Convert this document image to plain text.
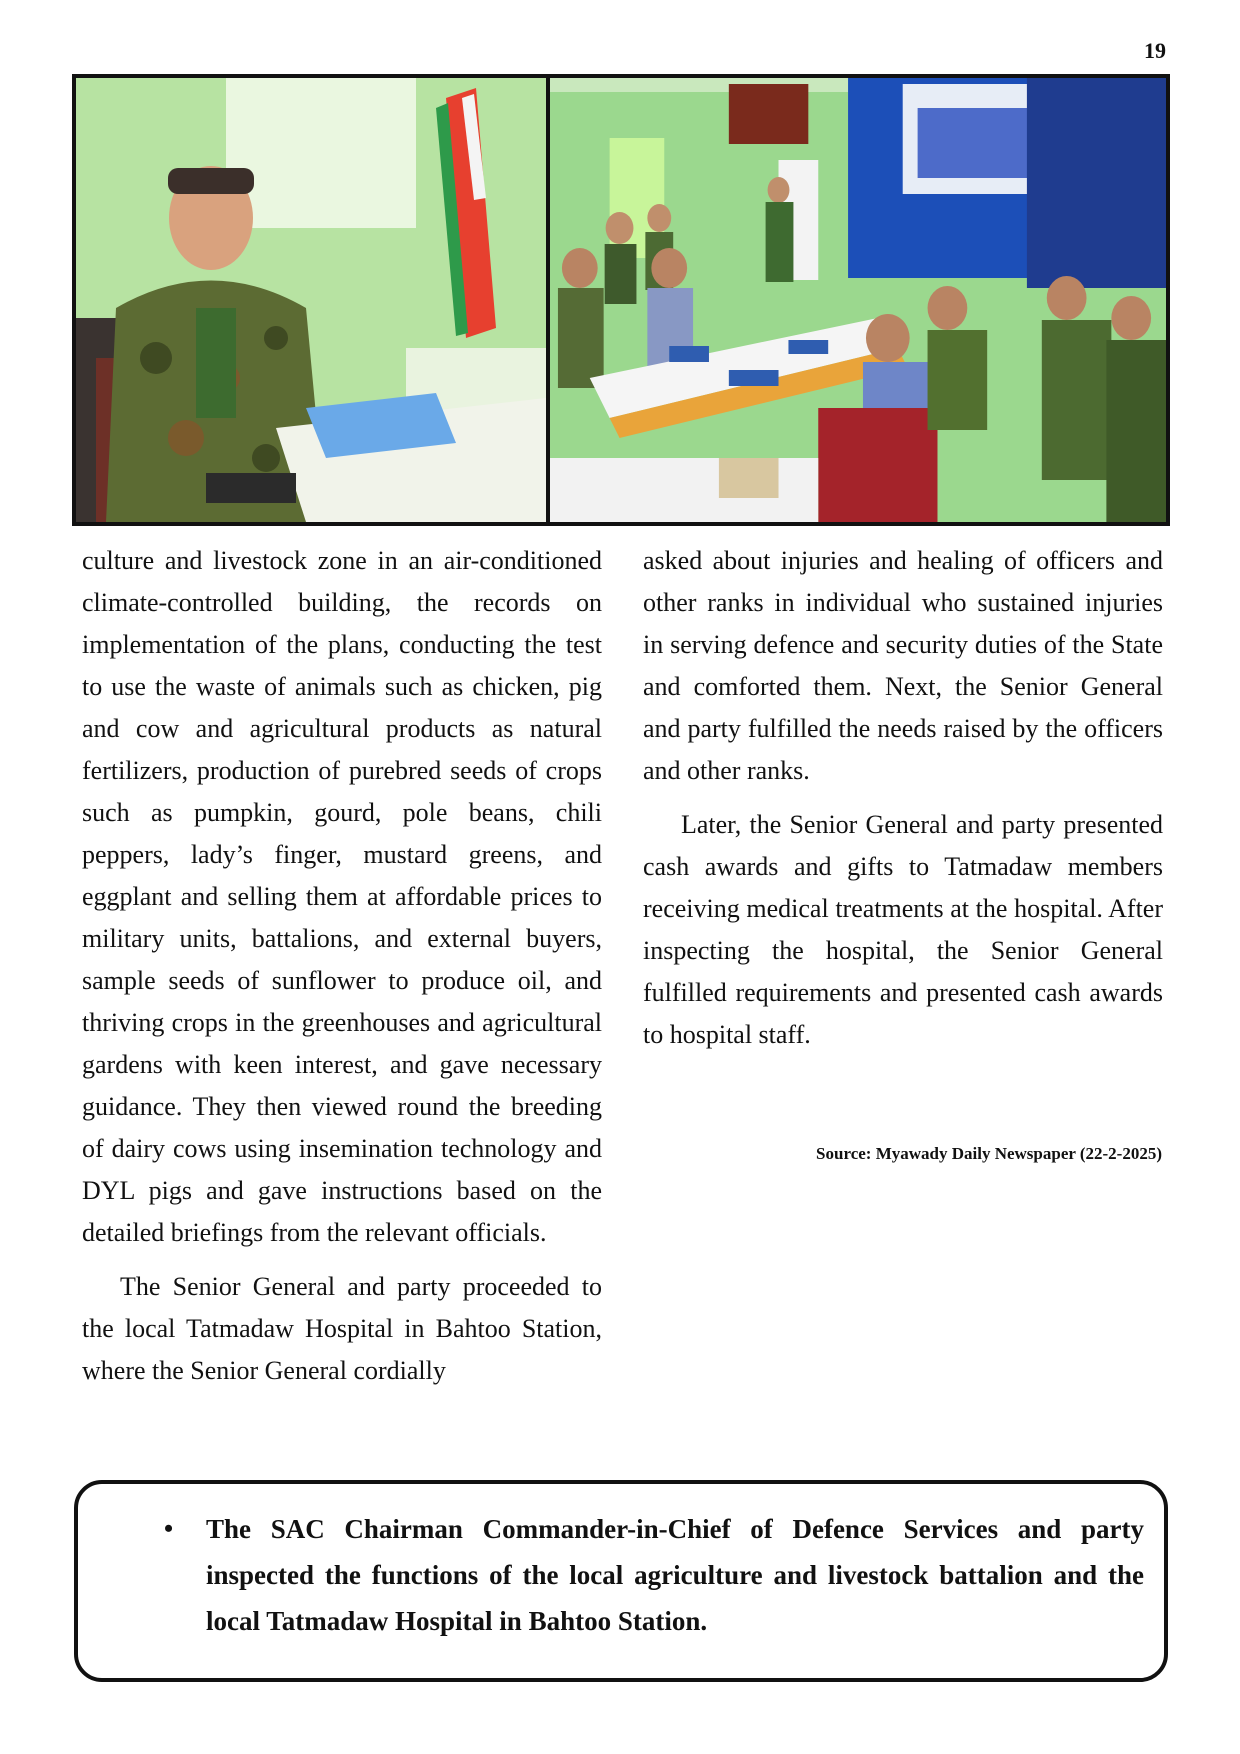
19

culture and livestock zone in an air-conditioned climate-controlled building, the records on implementation of the plans, conducting the test to use the waste of animals such as chicken, pig and cow and agricultural products as natural fertilizers, production of purebred seeds of crops such as pumpkin, gourd, pole beans, chili peppers, lady’s finger, mustard greens, and eggplant and selling them at affordable prices to military units, battalions, and external buyers, sample seeds of sunflower to produce oil, and thriving crops in the greenhouses and agricultural gardens with keen interest, and gave necessary guidance. They then viewed round the breeding of dairy cows using insemination technology and DYL pigs and gave instructions based on the detailed briefings from the relevant officials.

The Senior General and party proceeded to the local Tatmadaw Hospital in Bahtoo Station, where the Senior General cordially

asked about injuries and healing of officers and other ranks in individual who sustained injuries in serving defence and security duties of the State and comforted them. Next, the Senior General and party fulfilled the needs raised by the officers and other ranks.

Later, the Senior General and party presented cash awards and gifts to Tatmadaw members receiving medical treatments at the hospital. After inspecting the hospital, the Senior General fulfilled requirements and presented cash awards to hospital staff.

Source: Myawady Daily Newspaper (22-2-2025)
• The SAC Chairman Commander-in-Chief of Defence Services and party inspected the functions of the local agriculture and livestock battalion and the local Tatmadaw Hospital in Bahtoo Station.
